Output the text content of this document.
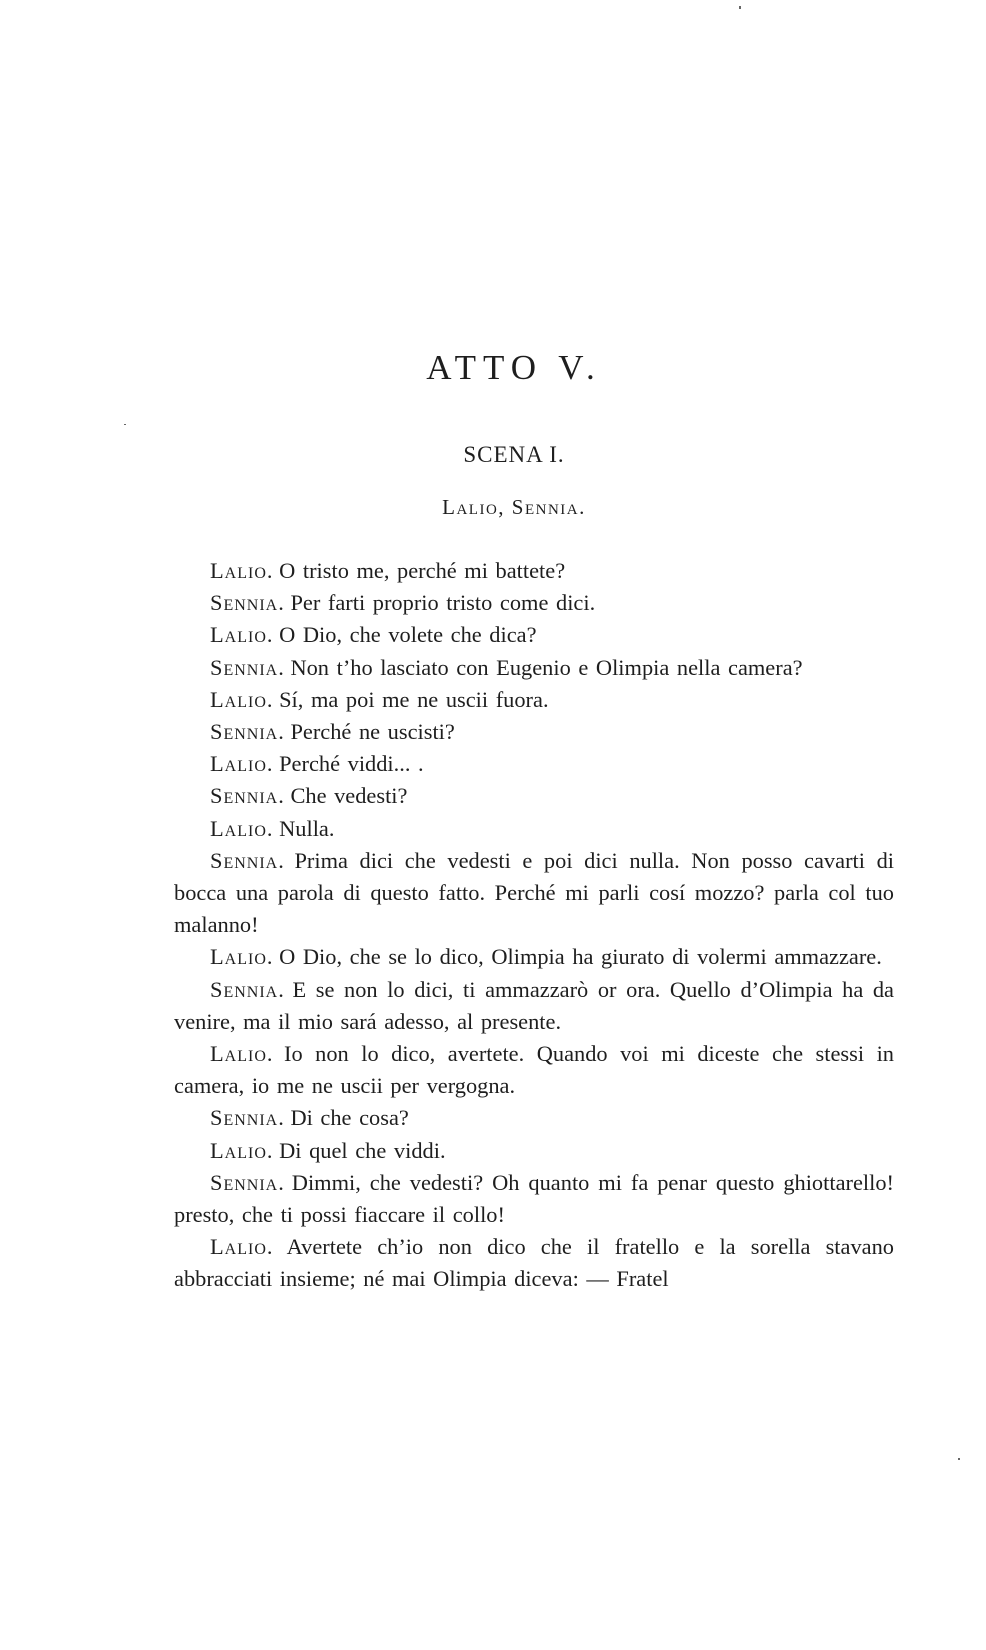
ATTO V.
SCENA I.

Lalio, Sennia.

Lalio. O tristo me, perché mi battete?

Sennia. Per farti proprio tristo come dici.

Lalio. O Dio, che volete che dica?

Sennia. Non t’ho lasciato con Eugenio e Olimpia nella camera?

Lalio. Sí, ma poi me ne uscii fuora.

Sennia. Perché ne uscisti?

Lalio. Perché viddi... .

Sennia. Che vedesti?

Lalio. Nulla.

Sennia. Prima dici che vedesti e poi dici nulla. Non posso cavarti di bocca una parola di questo fatto. Perché mi parli cosí mozzo? parla col tuo malanno!

Lalio. O Dio, che se lo dico, Olimpia ha giurato di volermi ammazzare.

Sennia. E se non lo dici, ti ammazzarò or ora. Quello d’Olimpia ha da venire, ma il mio sará adesso, al presente.

Lalio. Io non lo dico, avertete. Quando voi mi diceste che stessi in camera, io me ne uscii per vergogna.

Sennia. Di che cosa?

Lalio. Di quel che viddi.

Sennia. Dimmi, che vedesti? Oh quanto mi fa penar questo ghiottarello! presto, che ti possi fiaccare il collo!

Lalio. Avertete ch’io non dico che il fratello e la sorella stavano abbracciati insieme; né mai Olimpia diceva: — Fratel
